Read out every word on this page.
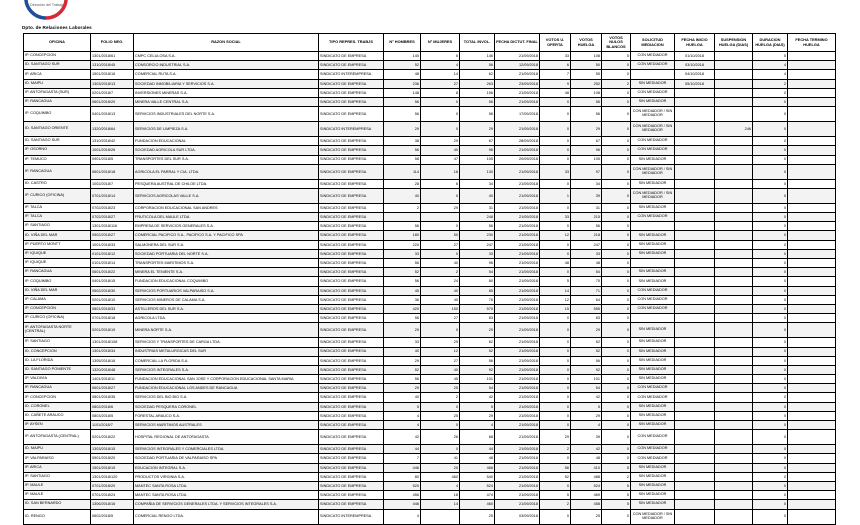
Dirección del Trabajo
Dpto. de Relaciones Laborales
OFICINA	FOLIO NEG.	RAZON SOCIAL	TIPO REPRES. TRABJS	N° HOMBRES	N° MUJERES	TOTAL INVOL.	FECHA DICTUT. FINAL	VOTOS U. OFERTA	VOTOS HUELGA	VOTOS NULOS BLANCOS	SOLICITUD MEDIACION	FECHA INICIO HUELGA	SUSPENSION HUELGA (DIAS)	DURACION HUELGA (DIAS)	FECHA TERMINO HUELGA
IP. CONCEPCION	1301/2018/61	CMPC CELULOSA S.A.	SINDICATO DE EMPRESA	140	6	146	21/09/2018	33	108	5	CON MEDIADOR	01/10/2018		5	
ID. SANTIAGO SUR	1310/2018/45	CONSORCIO INDUSTRIAL S.A.	SINDICATO DE EMPRESA	52	4	56	12/09/2018	6	50	0	CON MEDIADOR	03/10/2018		4	
IP. ARICA	1501/2018/16	COMERCIAL RUTA S.A.	SINDICATO INTEREMPRESA	48	14	62	21/09/2018	7	55	0		04/10/2018		4	
ID. MAIPU	1303/2018/13	SOCIEDAD INMOBILIARIA Y SERVICIOS S.A.	SINDICATO DE EMPRESA	236	27	263	23/09/2018	9	252	2	SIN MEDIADOR	05/10/2018		2	
IP. ANTOFAGASTA (SUR)	0201/2018/7	INVERSIONES MINERAS S.A.	SINDICATO DE EMPRESA	148	8	156	21/09/2018	48	108	0	CON MEDIADOR			0	
IP. RANCAGUA	0601/2018/20	MINERA VALLE CENTRAL S.A.	SINDICATO DE EMPRESA	56	0	56	21/09/2018	0	56	0	SIN MEDIADOR			0	
IP. COQUIMBO	0401/2018/13	SERVICIOS INDUSTRIALES DEL NORTE S.A.	SINDICATO DE EMPRESA	56	0	56	17/09/2018	0	56	0	CON MEDIADOR / SIN MEDIADOR			0	
ID. SANTIAGO ORIENTE	1320/2018/64	SERVICIOS DE LIMPIEZA S.A.	SINDICATO INTEREMPRESA	29	0	29	21/09/2018	0	29	0	CON MEDIADOR / SIN MEDIADOR		246	0	
ID. SANTIAGO SUR	1310/2018/42	FUNDACION EDUCACIONAL	SINDICATO DE EMPRESA	38	29	67	28/09/2018	0	67	0	CON MEDIADOR			0	
IP. OSORNO	1001/2018/26	SOCIEDAD AGRICOLA SUR LTDA.	SINDICATO DE EMPRESA	56	40	96	21/09/2018	0	96	0	CON MEDIADOR			0	
IP. TEMUCO	0901/2018/5	TRANSPORTES DEL SUR S.A.	SINDICATO DE EMPRESA	58	47	105	20/09/2018	0	105	0	SIN MEDIADOR			0	
IP. RANCAGUA	0601/2018/18	AGRICOLA EL PARRAL Y CIA. LTDA.	SINDICATO DE EMPRESA	114	16	130	21/09/2018	33	97	0	CON MEDIADOR / SIN MEDIADOR			0	
ID. CASTRO	1002/2018/7	PESQUERA AUSTRAL DE CHILOE LTDA.	SINDICATO DE EMPRESA	28	6	34	21/09/2018	0	34	0	SIN MEDIADOR			0	
IP. CURICO (OFICINA)	0701/2018/14	SERVICIOS AGRICOLAS VALLE S.A.	SINDICATO DE EMPRESA	40	0	40	21/09/2018	1	39	0	CON MEDIADOR / SIN MEDIADOR			0	
IP. TALCA	0702/2018/23	CORPORACION EDUCACIONAL SAN ANDRES	SINDICATO DE EMPRESA	2	29	31	21/09/2018	0	31	0	SIN MEDIADOR			0	
IP. TALCA	0702/2018/27	FRUTICOLA DEL MAULE LTDA.	SINDICATO DE EMPRESA			248	21/09/2018	33	215	0	CON MEDIADOR			0	
IP. SANTIAGO	1301/2018/116	EMPRESA DE SERVICIOS GENERALES S.A.	SINDICATO DE EMPRESA	56	0	56	21/09/2018	0	56	0				0	
ID. VIÑA DEL MAR	0502/2018/27	COMERCIAL PACIFICO S.A., PACIFICO S.A. Y PACIFICO SPA	SINDICATO DE EMPRESA	180	50	230	21/09/2018	12	218	0	SIN MEDIADOR			0	
IP. PUERTO MONTT	1001/2018/33	SALMONERA DEL SUR S.A.	SINDICATO DE EMPRESA	220	27	247	21/09/2018	0	247	0	SIN MEDIADOR			0	
IP. IQUIQUE	0101/2018/12	SOCIEDAD PORTUARIA DEL NORTE S.A.	SINDICATO DE EMPRESA	33	0	33	21/09/2018	0	33	0	SIN MEDIADOR			0	
IP. IQUIQUE	0101/2018/14	TRANSPORTES MARITIMOS S.A.	SINDICATO DE EMPRESA	56	40	96	21/09/2018	48	48	0				0	
IP. RANCAGUA	0601/2018/22	MINERA EL TENIENTE S.A.	SINDICATO DE EMPRESA	52	2	54	21/09/2018	0	54	0	SIN MEDIADOR			0	
IP. COQUIMBO	0401/2018/15	FUNDACION EDUCACIONAL COQUIMBO	SINDICATO DE EMPRESA	56	24	80	21/09/2018	5	75	0	SIN MEDIADOR			0	
ID. VIÑA DEL MAR	0502/2018/30	SERVICIOS PORTUARIOS VALPARAISO S.A.	SINDICATO DE EMPRESA	45	40	85	21/09/2018	14	71	0	CON MEDIADOR			0	
IP. CALAMA	0201/2018/10	SERVICIOS MINEROS DE CALAMA S.A.	SINDICATO DE EMPRESA	36	40	76	21/09/2018	12	64	0	CON MEDIADOR			0	
IP. CONCEPCION	0801/2018/33	ASTILLEROS DEL SUR S.A.	SINDICATO DE EMPRESA	420	150	570	21/09/2018	15	555	0	CON MEDIADOR			0	
IP. CURICO (OFICINA)	0701/2018/18	AGRICOLA LTDA.	SINDICATO DE EMPRESA	56	27	83	21/09/2018	0	83	0				0	
IP. ANTOFAGASTA NORTE (CENTRAL)	0201/2018/19	MINERA NORTE S.A.	SINDICATO DE EMPRESA	29	0	29	21/09/2018	0	29	0	SIN MEDIADOR			0	
IP. SANTIAGO	1301/2018/108	SERVICIOS Y TRANSPORTES DE CARGA LTDA.	SINDICATO DE EMPRESA	33	29	62	21/09/2018	0	62	0	SIN MEDIADOR			0	
ID. CONCEPCION	1301/2018/34	INDUSTRIAS METALURGICAS DEL SUR	SINDICATO DE EMPRESA	40	12	52	21/09/2018	0	52	0	SIN MEDIADOR			0	
ID. LA FLORIDA	1305/2018/16	COMERCIAL LA FLORIDA S.A.	SINDICATO DE EMPRESA	29	27	56	21/09/2018	0	56	0	SIN MEDIADOR			0	
ID. SANTIAGO PONIENTE	1320/2018/48	SERVICIOS INTEGRALES S.A.	SINDICATO DE EMPRESA	52	40	92	21/09/2018	0	92	0	SIN MEDIADOR			0	
IP. VALDIVIA	1401/2018/11	FUNDACION EDUCACIONAL SAN JOSE Y CORPORACION EDUCACIONAL SANTA MARIA	SINDICATO DE EMPRESA	56	45	101	21/09/2018	0	101	0	SIN MEDIADOR			0	
IP. RANCAGUA	0601/2018/27	FUNDACION EDUCACIONAL LOS ANDES DE RANCAGUA	SINDICATO DE EMPRESA	29	25	54	21/09/2018	0	54	0	CON MEDIADOR			0	
IP. CONCEPCION	0801/2018/35	SERVICIOS DEL BIO BIO S.A.	SINDICATO DE EMPRESA	40	2	42	21/09/2018	0	42	0	CON MEDIADOR			0	
ID. CORONEL	0802/2018/6	SOCIEDAD PESQUERA CORONEL	SINDICATO DE EMPRESA	5	0	5	21/09/2018	0	5	0	SIN MEDIADOR			0	
ID. CAÑETE ARAUCO	0803/2018/5	FORESTAL ARAUCO S.A.	SINDICATO DE EMPRESA	4	25	29	21/09/2018	0	29	0	SIN MEDIADOR			0	
IP. AYSEN	1101/2018/7	SERVICIOS MARITIMOS AUSTRALES	SINDICATO DE EMPRESA	4	0	4	21/09/2018	0	4	0	SIN MEDIADOR			0	
IP. ANTOFAGASTA (CENTRAL)	0201/2018/22	HOSPITAL REGIONAL DE ANTOFAGASTA	SINDICATO DE EMPRESA	42	26	68	21/09/2018	29	39	0	CON MEDIADOR			0	
ID. MAIPU	1303/2018/15	SERVICIOS INTEGRALES Y COMERCIALES LTDA.	SINDICATO DE EMPRESA	44	0	44	21/09/2018	2	42	0	CON MEDIADOR			0	
IP. VALPARAISO	0501/2018/20	SOCIEDAD PORTUARIA DE VALPARAISO SPA	SINDICATO DE EMPRESA	7	41	48	21/09/2018	0	48	0	CON MEDIADOR			0	
IP. ARICA	1501/2018/19	EDUCACION INTEGRAL S.A.	SINDICATO DE EMPRESA	446	20	466	21/09/2018	56	410	5	SIN MEDIADOR			0	
IP. SANTIAGO	1301/2018/120	PRODUCTOS VIRGINIA S.A.	SINDICATO DE EMPRESA	80	460	540	21/09/2018	52	488	2	SIN MEDIADOR			0	
IP. MAULE	0701/2018/20	MANTEC SANTA ROSA LTDA.	SINDICATO DE EMPRESA	520	4	524	21/09/2018	0	524	5	SIN MEDIADOR			0	
IP. MAULE	0701/2018/24	MANTEC SANTA ROSA LTDA.	SINDICATO DE EMPRESA	456	18	474	21/09/2018	5	469	5	SIN MEDIADOR			0	
ID. SAN BERNARDO	1306/2018/16	COMPAÑIA DE SERVICIOS GENERALES LTDA. Y SERVICIOS INTEGRALES S.A.	SINDICATO DE EMPRESA	446	14	460	21/09/2018	2	458	5	SIN MEDIADOR			0	
ID. RENGO	0602/2018/5	COMERCIAL RENGO LTDA.	SINDICATO INTEREMPRESA	4		25	03/09/2018	0	25	0	CON MEDIADOR / SIN MEDIADOR			0	
